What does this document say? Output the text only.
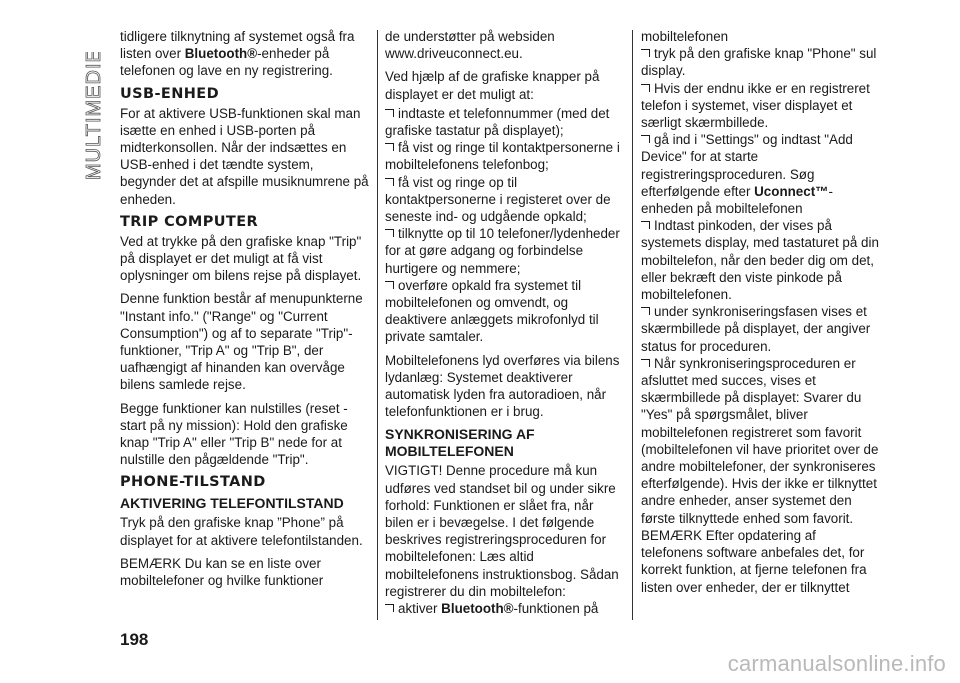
MULTIMEDIE

tidligere tilknytning af systemet også fra listen over Bluetooth®-enheder på telefonen og lave en ny registrering.

USB-ENHED

For at aktivere USB-funktionen skal man isætte en enhed i USB-porten på midterkonsollen. Når der indsættes en USB-enhed i det tændte system, begynder det at afspille musiknumrene på enheden.

TRIP COMPUTER

Ved at trykke på den grafiske knap "Trip" på displayet er det muligt at få vist oplysninger om bilens rejse på displayet.

Denne funktion består af menupunkterne "Instant info." ("Range" og "Current Consumption") og af to separate "Trip"-funktioner, "Trip A" og "Trip B", der uafhængigt af hinanden kan overvåge bilens samlede rejse.

Begge funktioner kan nulstilles (reset - start på ny mission): Hold den grafiske knap "Trip A" eller "Trip B" nede for at nulstille den pågældende "Trip".

PHONE-TILSTAND
AKTIVERING TELEFONTILSTAND

Tryk på den grafiske knap ”Phone” på displayet for at aktivere telefontilstanden.

BEMÆRK Du kan se en liste over mobiltelefoner og hvilke funktioner

de understøtter på websiden www.driveuconnect.eu.

Ved hjælp af de grafiske knapper på displayet er det muligt at:

indtaste et telefonnummer (med det grafiske tastatur på displayet);
få vist og ringe til kontaktpersonerne i mobiltelefonens telefonbog;
få vist og ringe op til kontaktpersonerne i registeret over de seneste ind- og udgående opkald;
tilknytte op til 10 telefoner/lydenheder for at gøre adgang og forbindelse hurtigere og nemmere;
overføre opkald fra systemet til mobiltelefonen og omvendt, og deaktivere anlæggets mikrofonlyd til private samtaler.

Mobiltelefonens lyd overføres via bilens lydanlæg: Systemet deaktiverer automatisk lyden fra autoradioen, når telefonfunktionen er i brug.

SYNKRONISERING AF MOBILTELEFONEN

VIGTIGT! Denne procedure må kun udføres ved standset bil og under sikre forhold: Funktionen er slået fra, når bilen er i bevægelse. I det følgende beskrives registreringsproceduren for mobiltelefonen: Læs altid mobiltelefonens instruktionsbog. Sådan registrerer du din mobiltelefon:

aktiver Bluetooth®-funktionen på
mobiltelefonen
tryk på den grafiske knap "Phone" sul display.
Hvis der endnu ikke er en registreret telefon i systemet, viser displayet et særligt skærmbillede.
gå ind i "Settings" og indtast "Add Device" for at starte registreringsproceduren. Søg efterfølgende efter Uconnect™-enheden på mobiltelefonen
Indtast pinkoden, der vises på systemets display, med tastaturet på din mobiltelefon, når den beder dig om det, eller bekræft den viste pinkode på mobiltelefonen.
under synkroniseringsfasen vises et skærmbillede på displayet, der angiver status for proceduren.
Når synkroniseringsproceduren er afsluttet med succes, vises et skærmbillede på displayet: Svarer du "Yes" på spørgsmålet, bliver mobiltelefonen registreret som favorit (mobiltelefonen vil have prioritet over de andre mobiltelefoner, der synkroniseres efterfølgende). Hvis der ikke er tilknyttet andre enheder, anser systemet den første tilknyttede enhed som favorit.

BEMÆRK Efter opdatering af telefonens software anbefales det, for korrekt funktion, at fjerne telefonen fra listen over enheder, der er tilknyttet

198
carmanualsonline.info
